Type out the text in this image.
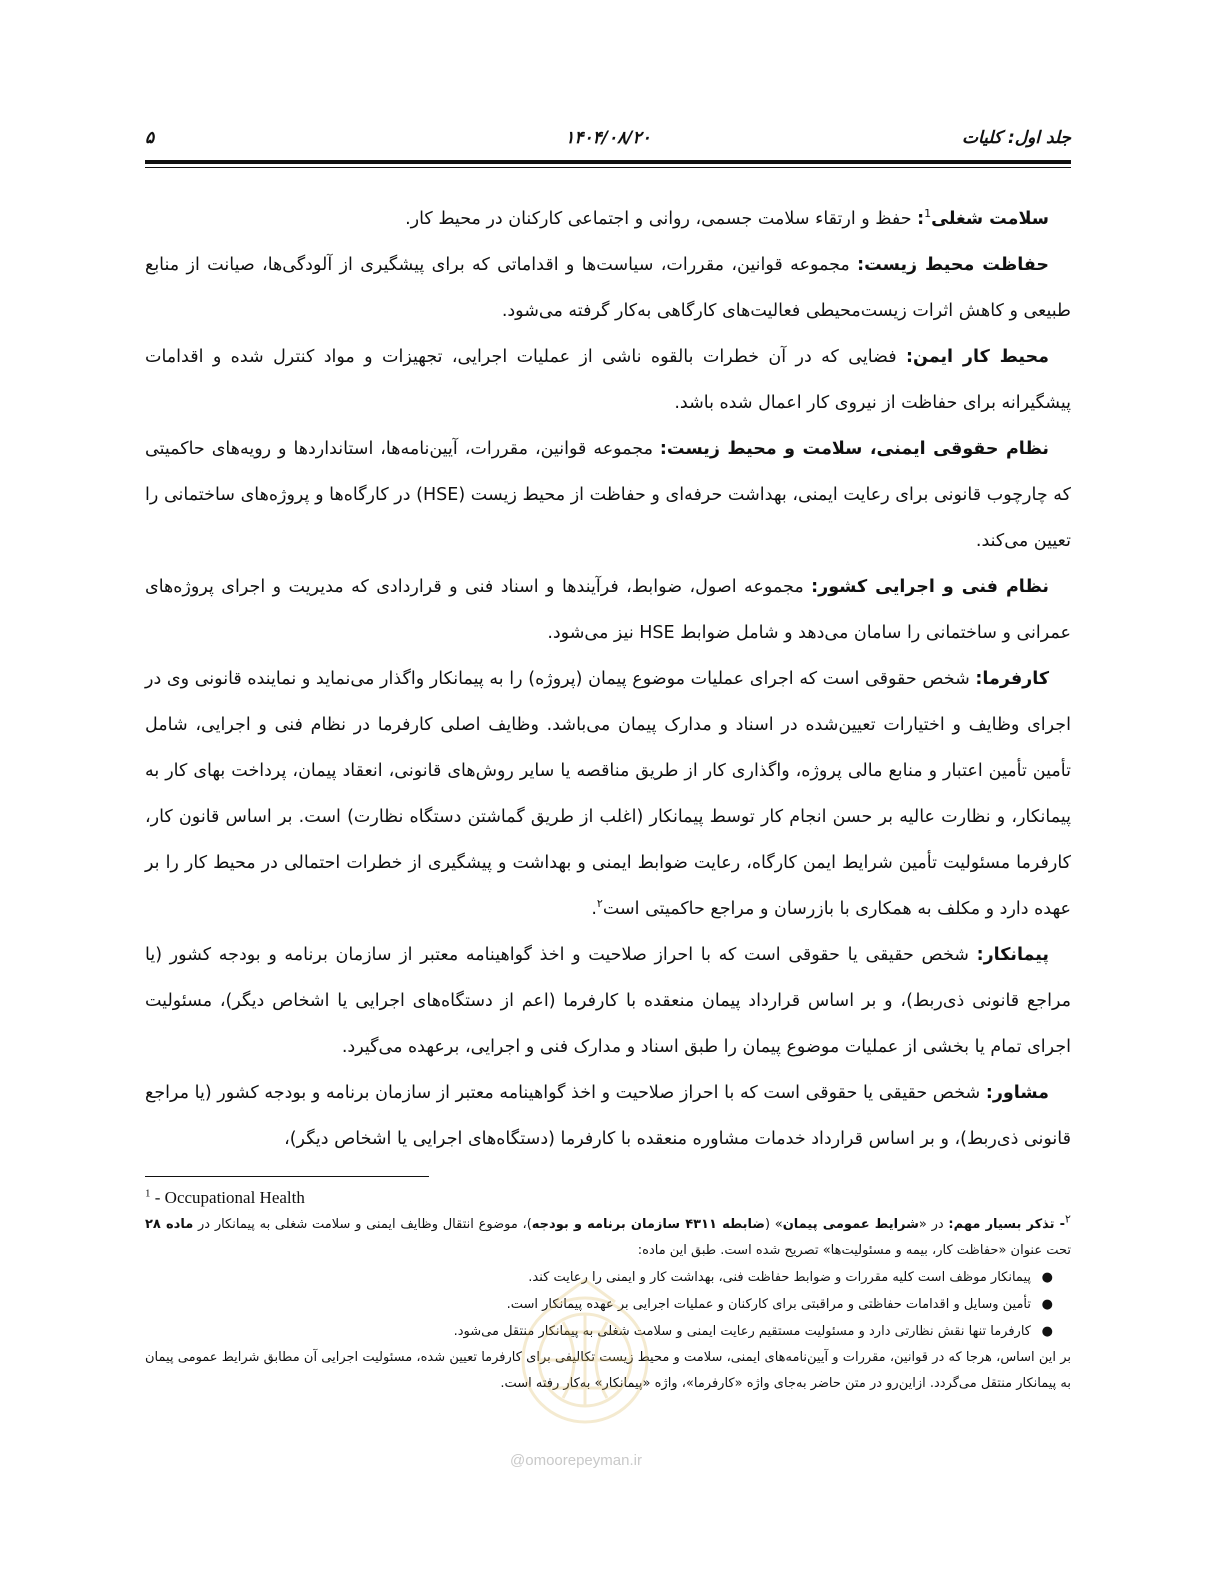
جلد اول: کلیات
۱۴۰۴/۰۸/۲۰
۵

سلامت شغلی$^1$: حفظ و ارتقاء سلامت جسمی، روانی و اجتماعی کارکنان در محیط کار.

حفاظت محیط زیست: مجموعه قوانین، مقررات، سیاست‌ها و اقداماتی که برای پیشگیری از آلودگی‌ها، صیانت از منابع طبیعی و کاهش اثرات زیست‌محیطی فعالیت‌های کارگاهی به‌کار گرفته می‌شود.

محیط کار ایمن: فضایی که در آن خطرات بالقوه ناشی از عملیات اجرایی، تجهیزات و مواد کنترل شده و اقدامات پیشگیرانه برای حفاظت از نیروی کار اعمال شده باشد.

نظام حقوقی ایمنی، سلامت و محیط زیست: مجموعه قوانین، مقررات، آیین‌نامه‌ها، استانداردها و رویه‌های حاکمیتی که چارچوب قانونی برای رعایت ایمنی، بهداشت حرفه‌ای و حفاظت از محیط زیست (HSE) در کارگاه‌ها و پروژه‌های ساختمانی را تعیین می‌کند.

نظام فنی و اجرایی کشور: مجموعه اصول، ضوابط، فرآیندها و اسناد فنی و قراردادی که مدیریت و اجرای پروژه‌های عمرانی و ساختمانی را سامان می‌دهد و شامل ضوابط HSE نیز می‌شود.

کارفرما: شخص حقوقی است که اجرای عملیات موضوع پیمان (پروژه) را به پیمانکار واگذار می‌نماید و نماینده قانونی وی در اجرای وظایف و اختیارات تعیین‌شده در اسناد و مدارک پیمان می‌باشد. وظایف اصلی کارفرما در نظام فنی و اجرایی، شامل تأمین تأمین اعتبار و منابع مالی پروژه، واگذاری کار از طریق مناقصه یا سایر روش‌های قانونی، انعقاد پیمان، پرداخت بهای کار به پیمانکار، و نظارت عالیه بر حسن انجام کار توسط پیمانکار (اغلب از طریق گماشتن دستگاه نظارت) است. بر اساس قانون کار، کارفرما مسئولیت تأمین شرایط ایمن کارگاه، رعایت ضوابط ایمنی و بهداشت و پیشگیری از خطرات احتمالی در محیط کار را بر عهده دارد و مکلف به همکاری با بازرسان و مراجع حاکمیتی است$^۲$.

پیمانکار: شخص حقیقی یا حقوقی است که با احراز صلاحیت و اخذ گواهینامه معتبر از سازمان برنامه و بودجه کشور (یا مراجع قانونی ذی‌ربط)، و بر اساس قرارداد پیمان منعقده با کارفرما (اعم از دستگاه‌های اجرایی یا اشخاص دیگر)، مسئولیت اجرای تمام یا بخشی از عملیات موضوع پیمان را طبق اسناد و مدارک فنی و اجرایی، برعهده می‌گیرد.

مشاور: شخص حقیقی یا حقوقی است که با احراز صلاحیت و اخذ گواهینامه معتبر از سازمان برنامه و بودجه کشور (یا مراجع قانونی ذی‌ربط)، و بر اساس قرارداد خدمات مشاوره منعقده با کارفرما (دستگاه‌های اجرایی یا اشخاص دیگر)،

$^1$ - Occupational Health

$^۲$- تذکر بسیار مهم: در «شرایط عمومی پیمان» (ضابطه ۴۳۱۱ سازمان برنامه و بودجه)، موضوع انتقال وظایف ایمنی و سلامت شغلی به پیمانکار در ماده ۲۸ تحت عنوان «حفاظت کار، بیمه و مسئولیت‌ها» تصریح شده است. طبق این ماده:

●
پیمانکار موظف است کلیه مقررات و ضوابط حفاظت فنی، بهداشت کار و ایمنی را رعایت کند.
●
تأمین وسایل و اقدامات حفاظتی و مراقبتی برای کارکنان و عملیات اجرایی بر عهده پیمانکار است.
●
کارفرما تنها نقش نظارتی دارد و مسئولیت مستقیم رعایت ایمنی و سلامت شغلی به پیمانکار منتقل می‌شود.

بر این اساس، هرجا که در قوانین، مقررات و آیین‌نامه‌های ایمنی، سلامت و محیط زیست تکالیفی برای کارفرما تعیین شده، مسئولیت اجرایی آن مطابق شرایط عمومی پیمان به پیمانکار منتقل می‌گردد. ازاین‌رو در متن حاضر به‌جای واژه «کارفرما»، واژه «پیمانکار» به‌کار رفته است.

@omoorepeyman.ir
